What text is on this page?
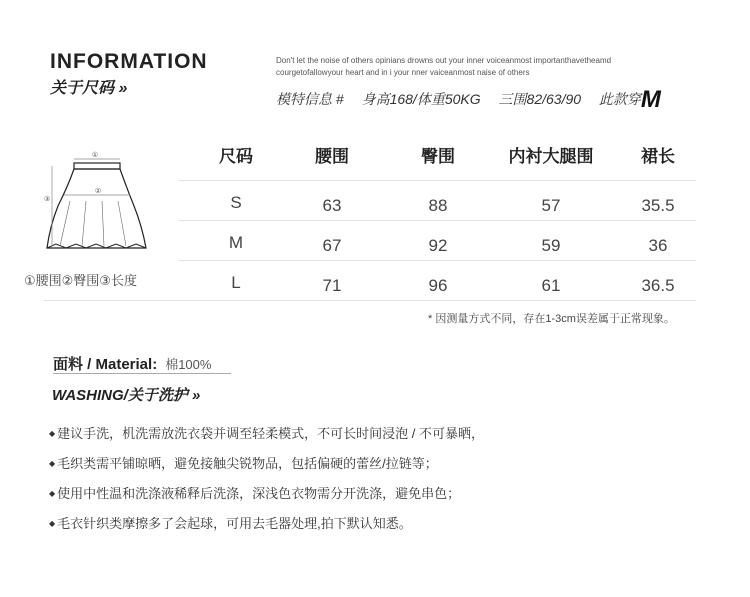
INFORMATION
关于尺码 »
Don't let the noise of others opinians drowns out your inner voiceanmost importanthavetheamd
courgetofallowyour heart and in i your nner vaiceanmost naise of others
模特信息 # 身高168/体重50KG 三围82/63/90 此款穿M
①
②
③
①腰围②臀围③长度
尺码	腰围	臀围	内衬大腿围	裙长
S	63	88	57	35.5
M	67	92	59	36
L	71	96	61	36.5
* 因测量方式不同，存在1-3cm误差属于正常现象。
面料 / Material: 棉100%
WASHING/关于洗护 »
◆ 建议手洗，机洗需放洗衣袋并调至轻柔模式，不可长时间浸泡 / 不可暴晒，
◆ 毛织类需平铺晾晒，避免接触尖锐物品，包括偏硬的蕾丝/拉链等；
◆ 使用中性温和洗涤液稀释后洗涤，深浅色衣物需分开洗涤，避免串色；
◆ 毛衣针织类摩擦多了会起球，可用去毛器处理,拍下默认知悉。
